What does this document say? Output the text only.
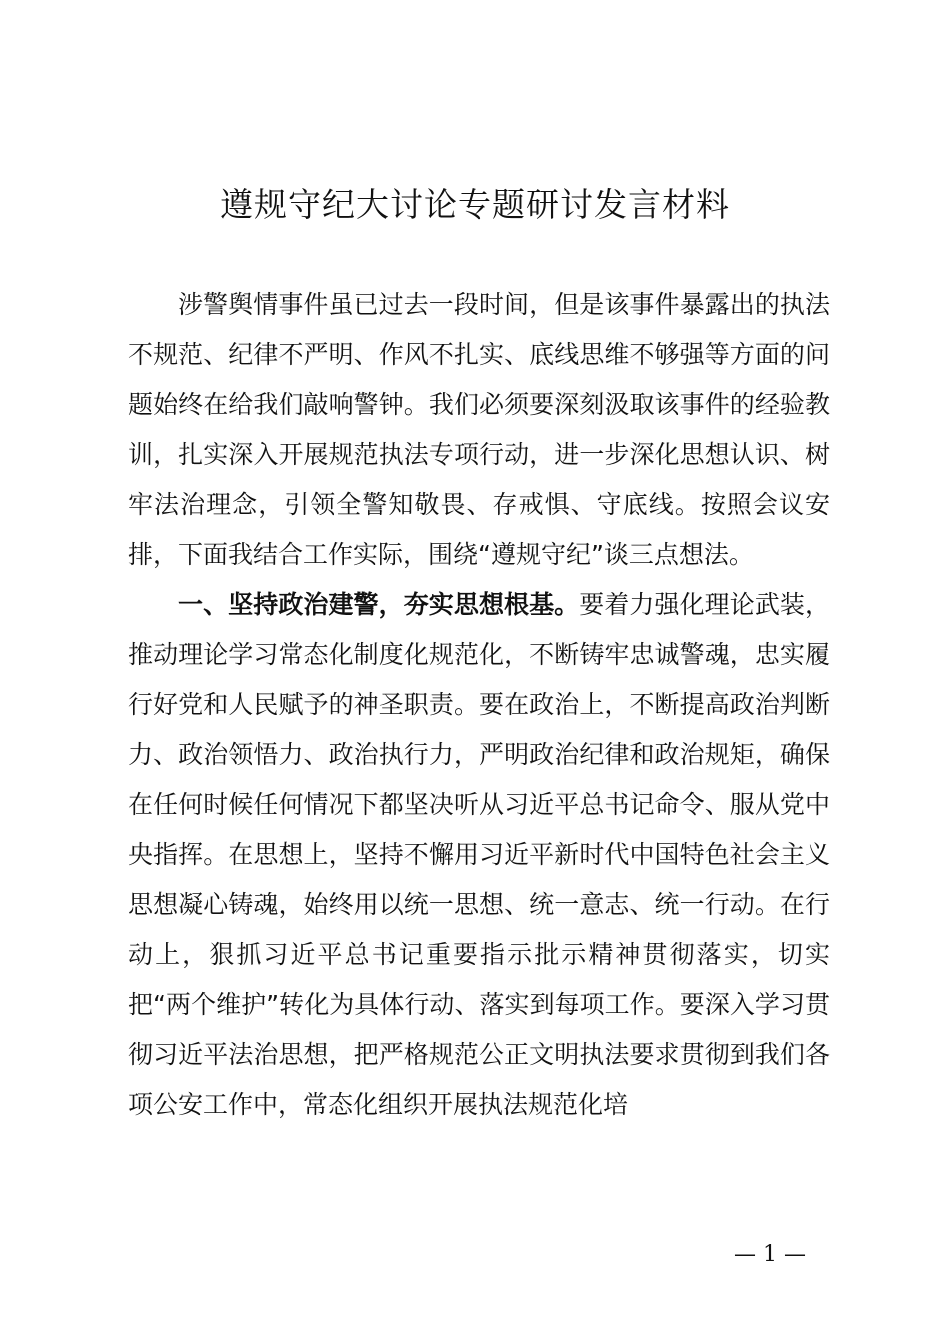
遵规守纪大讨论专题研讨发言材料

涉警舆情事件虽已过去一段时间，但是该事件暴露出的执法不规范、纪律不严明、作风不扎实、底线思维不够强等方面的问题始终在给我们敲响警钟。我们必须要深刻汲取该事件的经验教训，扎实深入开展规范执法专项行动，进一步深化思想认识、树牢法治理念，引领全警知敬畏、存戒惧、守底线。按照会议安排，下面我结合工作实际，围绕“遵规守纪”谈三点想法。

一、坚持政治建警，夯实思想根基。要着力强化理论武装，推动理论学习常态化制度化规范化，不断铸牢忠诚警魂，忠实履行好党和人民赋予的神圣职责。要在政治上，不断提高政治判断力、政治领悟力、政治执行力，严明政治纪律和政治规矩，确保在任何时候任何情况下都坚决听从习近平总书记命令、服从党中央指挥。在思想上，坚持不懈用习近平新时代中国特色社会主义思想凝心铸魂，始终用以统一思想、统一意志、统一行动。在行动上，狠抓习近平总书记重要指示批示精神贯彻落实，切实把“两个维护”转化为具体行动、落实到每项工作。要深入学习贯彻习近平法治思想，把严格规范公正文明执法要求贯彻到我们各项公安工作中，常态化组织开展执法规范化培

— 1 —
